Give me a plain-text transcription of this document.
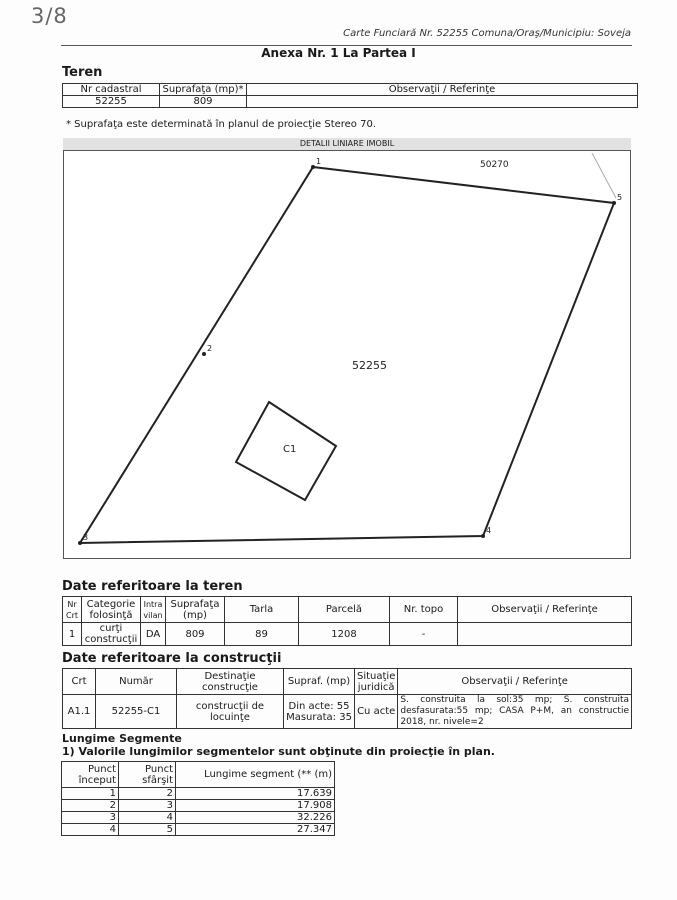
3/8
Carte Funciară Nr. 52255 Comuna/Oraş/Municipiu: Soveja
Anexa Nr. 1 La Partea I
Teren
Nr cadastral	Suprafaţa (mp)*	Observaţii / Referinţe
52255	809	
* Suprafaţa este determinată în planul de proiecţie Stereo 70.
DETALII LINIARE IMOBIL
1
5
4
3
2
50270
52255
C1
Date referitoare la teren
Nr Crt	Categorie folosinţă	Intra vilan	Suprafaţa (mp)	Tarla	Parcelă	Nr. topo	Observaţii / Referinţe
1	curţi construcţii	DA	809	89	1208	-	
Date referitoare la construcţii
Crt	Număr	Destinaţie construcţie	Supraf. (mp)	Situaţie juridică	Observaţii / Referinţe
A1.1	52255-C1	construcţii de locuinţe	Din acte: 55
Masurata: 35	Cu acte	S. construita la sol:35 mp; S. construita desfasurata:55 mp; CASA P+M, an constructie 2018, nr. nivele=2
Lungime Segmente
1) Valorile lungimilor segmentelor sunt obţinute din proiecţie în plan.
Punct început	Punct sfârşit	Lungime segment (** (m)
1	2	17.639
2	3	17.908
3	4	32.226
4	5	27.347
